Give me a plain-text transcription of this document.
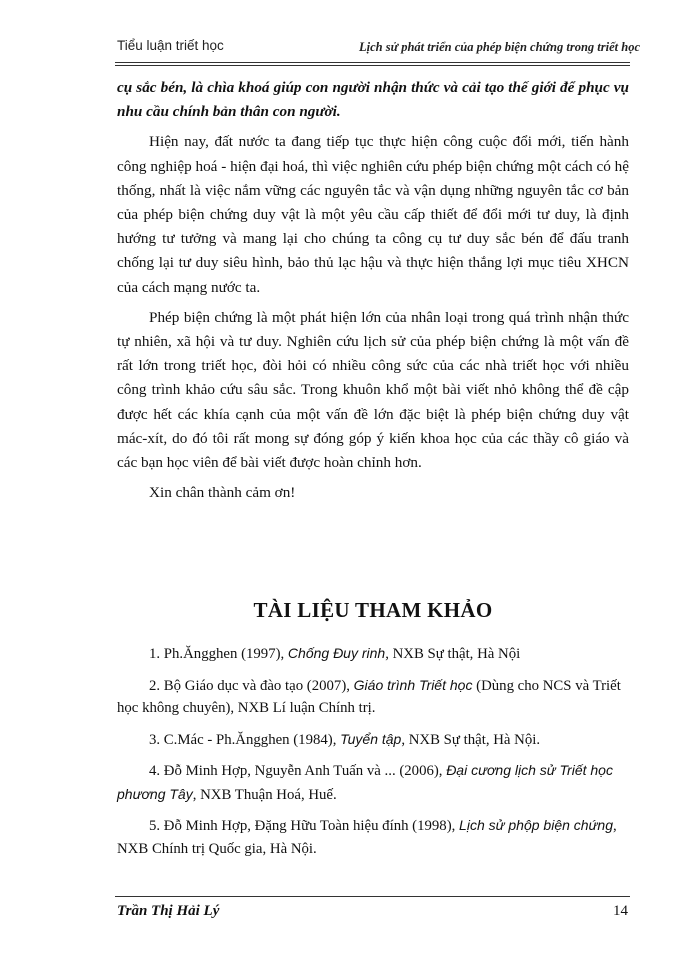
Tiểu luận triết học	Lịch sử phát triển của phép biện chứng trong triết học

cụ sắc bén, là chìa khoá giúp con người nhận thức và cải tạo thế giới để phục vụ nhu cầu chính bản thân con người.

Hiện nay, đất nước ta đang tiếp tục thực hiện công cuộc đổi mới, tiến hành công nghiệp hoá - hiện đại hoá, thì việc nghiên cứu phép biện chứng một cách có hệ thống, nhất là việc nắm vững các nguyên tắc và vận dụng những nguyên tắc cơ bản của phép biện chứng duy vật là một yêu cầu cấp thiết để đổi mới tư duy, là định hướng tư tưởng và mang lại cho chúng ta công cụ tư duy sắc bén để đấu tranh chống lại tư duy siêu hình, bảo thủ lạc hậu và thực hiện thắng lợi mục tiêu XHCN của cách mạng nước ta.

Phép biện chứng là một phát hiện lớn của nhân loại trong quá trình nhận thức tự nhiên, xã hội và tư duy. Nghiên cứu lịch sử của phép biện chứng là một vấn đề rất lớn trong triết học, đòi hỏi có nhiều công sức của các nhà triết học với nhiều công trình khảo cứu sâu sắc. Trong khuôn khổ một bài viết nhỏ không thể đề cập được hết các khía cạnh của một vấn đề lớn đặc biệt là phép biện chứng duy vật mác-xít, do đó tôi rất mong sự đóng góp ý kiến khoa học của các thầy cô giáo và các bạn học viên để bài viết được hoàn chỉnh hơn.

Xin chân thành cảm ơn!

TÀI LIỆU THAM KHẢO

1. Ph.Ăngghen (1997), Chống Đuy rinh, NXB Sự thật, Hà Nội

2. Bộ Giáo dục và đào tạo (2007), Giáo trình Triết học (Dùng cho NCS và Triết học không chuyên), NXB Lí luận Chính trị.

3. C.Mác - Ph.Ăngghen (1984), Tuyển tập, NXB Sự thật, Hà Nội.

4. Đỗ Minh Hợp, Nguyễn Anh Tuấn và ... (2006), Đại cương lịch sử Triết học phương Tây, NXB Thuận Hoá, Huế.

5. Đỗ Minh Hợp, Đặng Hữu Toàn hiệu đính (1998), Lịch sử phộp biện chứng, NXB Chính trị Quốc gia, Hà Nội.

Trần Thị Hải Lý	14
